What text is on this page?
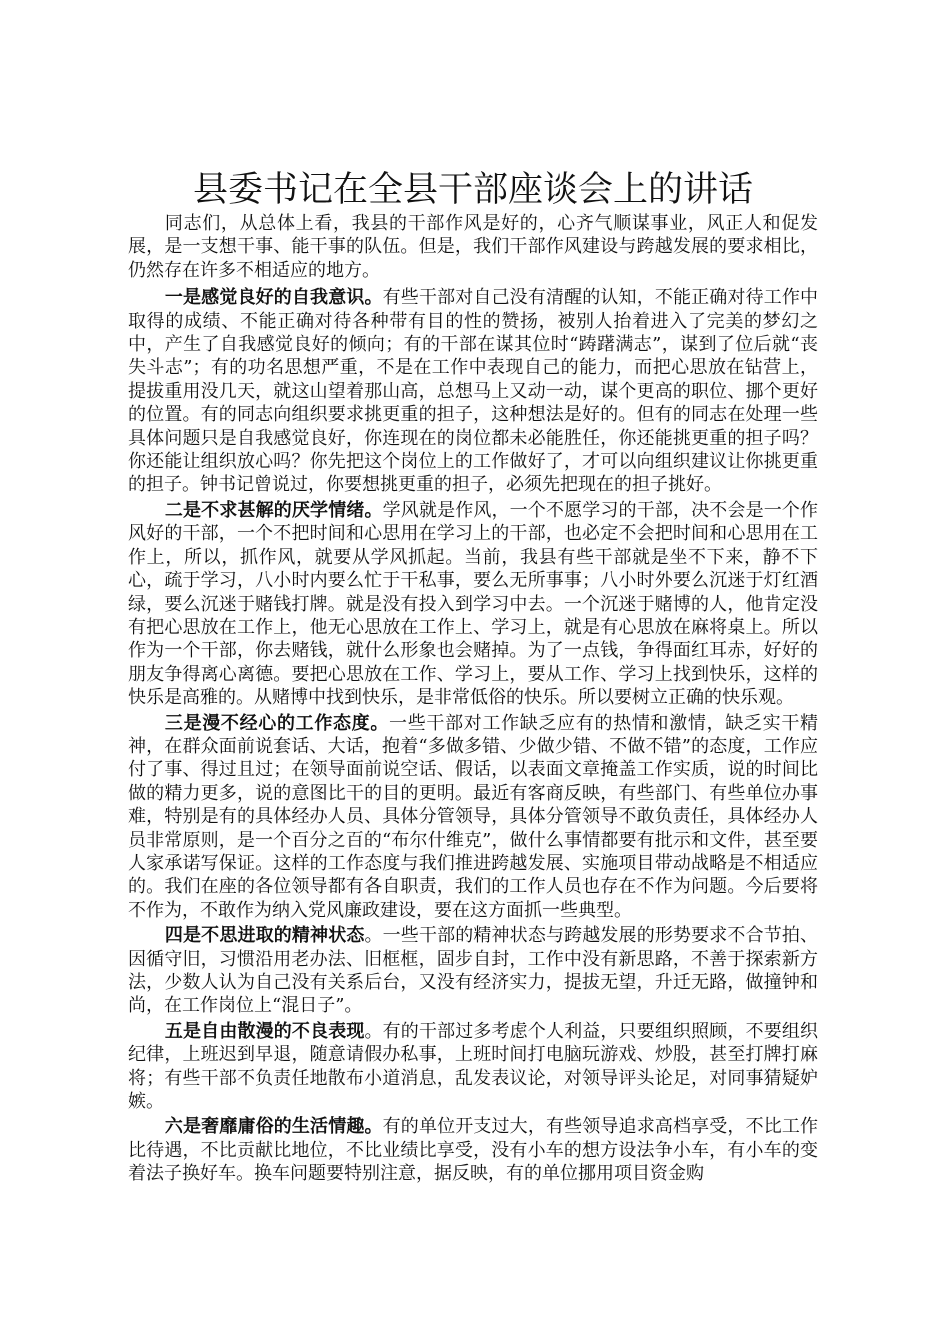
县委书记在全县干部座谈会上的讲话

同志们，从总体上看，我县的干部作风是好的，心齐气顺谋事业，风正人和促发展，是一支想干事、能干事的队伍。但是，我们干部作风建设与跨越发展的要求相比，仍然存在许多不相适应的地方。

一是感觉良好的自我意识。有些干部对自己没有清醒的认知，不能正确对待工作中取得的成绩、不能正确对待各种带有目的性的赞扬，被别人抬着进入了完美的梦幻之中，产生了自我感觉良好的倾向；有的干部在谋其位时“踌躇满志”，谋到了位后就“丧失斗志”；有的功名思想严重，不是在工作中表现自己的能力，而把心思放在钻营上，提拔重用没几天，就这山望着那山高，总想马上又动一动，谋个更高的职位、挪个更好的位置。有的同志向组织要求挑更重的担子，这种想法是好的。但有的同志在处理一些具体问题只是自我感觉良好，你连现在的岗位都未必能胜任，你还能挑更重的担子吗？你还能让组织放心吗？你先把这个岗位上的工作做好了，才可以向组织建议让你挑更重的担子。钟书记曾说过，你要想挑更重的担子，必须先把现在的担子挑好。

二是不求甚解的厌学情绪。学风就是作风，一个不愿学习的干部，决不会是一个作风好的干部，一个不把时间和心思用在学习上的干部，也必定不会把时间和心思用在工作上，所以，抓作风，就要从学风抓起。当前，我县有些干部就是坐不下来，静不下心，疏于学习，八小时内要么忙于干私事，要么无所事事；八小时外要么沉迷于灯红酒绿，要么沉迷于赌钱打牌。就是没有投入到学习中去。一个沉迷于赌博的人，他肯定没有把心思放在工作上，他无心思放在工作上、学习上，就是有心思放在麻将桌上。所以作为一个干部，你去赌钱，就什么形象也会赌掉。为了一点钱，争得面红耳赤，好好的朋友争得离心离德。要把心思放在工作、学习上，要从工作、学习上找到快乐，这样的快乐是高雅的。从赌博中找到快乐，是非常低俗的快乐。所以要树立正确的快乐观。

三是漫不经心的工作态度。一些干部对工作缺乏应有的热情和激情，缺乏实干精神，在群众面前说套话、大话，抱着“多做多错、少做少错、不做不错”的态度，工作应付了事、得过且过；在领导面前说空话、假话，以表面文章掩盖工作实质，说的时间比做的精力更多，说的意图比干的目的更明。最近有客商反映，有些部门、有些单位办事难，特别是有的具体经办人员、具体分管领导，具体分管领导不敢负责任，具体经办人员非常原则，是一个百分之百的“布尔什维克”，做什么事情都要有批示和文件，甚至要人家承诺写保证。这样的工作态度与我们推进跨越发展、实施项目带动战略是不相适应的。我们在座的各位领导都有各自职责，我们的工作人员也存在不作为问题。今后要将不作为，不敢作为纳入党风廉政建设，要在这方面抓一些典型。

四是不思进取的精神状态。一些干部的精神状态与跨越发展的形势要求不合节拍、因循守旧，习惯沿用老办法、旧框框，固步自封，工作中没有新思路，不善于探索新方法，少数人认为自己没有关系后台，又没有经济实力，提拔无望，升迁无路，做撞钟和尚，在工作岗位上“混日子”。

五是自由散漫的不良表现。有的干部过多考虑个人利益，只要组织照顾，不要组织纪律，上班迟到早退，随意请假办私事，上班时间打电脑玩游戏、炒股，甚至打牌打麻将；有些干部不负责任地散布小道消息，乱发表议论，对领导评头论足，对同事猜疑妒嫉。

六是奢靡庸俗的生活情趣。有的单位开支过大，有些领导追求高档享受，不比工作比待遇，不比贡献比地位，不比业绩比享受，没有小车的想方设法争小车，有小车的变着法子换好车。换车问题要特别注意，据反映，有的单位挪用项目资金购
